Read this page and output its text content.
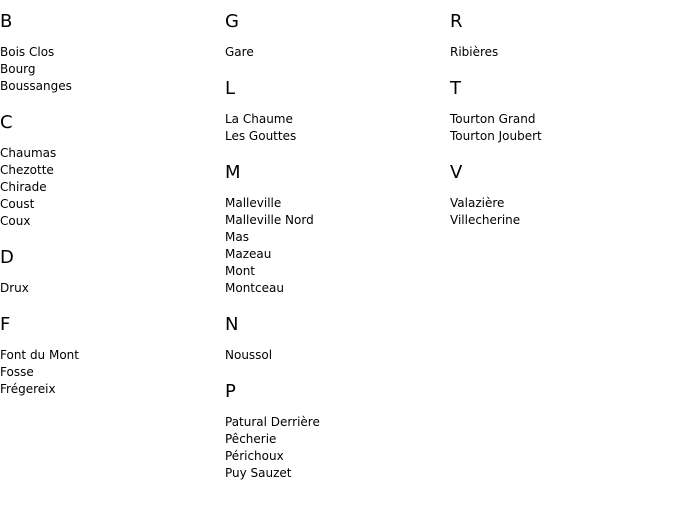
B
Bois Clos
Bourg
Boussanges
C
Chaumas
Chezotte
Chirade
Coust
Coux
D
Drux
F
Font du Mont
Fosse
Frégereix
G
Gare
L
La Chaume
Les Gouttes
M
Malleville
Malleville Nord
Mas
Mazeau
Mont
Montceau
N
Noussol
P
Patural Derrière
Pêcherie
Périchoux
Puy Sauzet
R
Ribières
T
Tourton Grand
Tourton Joubert
V
Valazière
Villecherine
